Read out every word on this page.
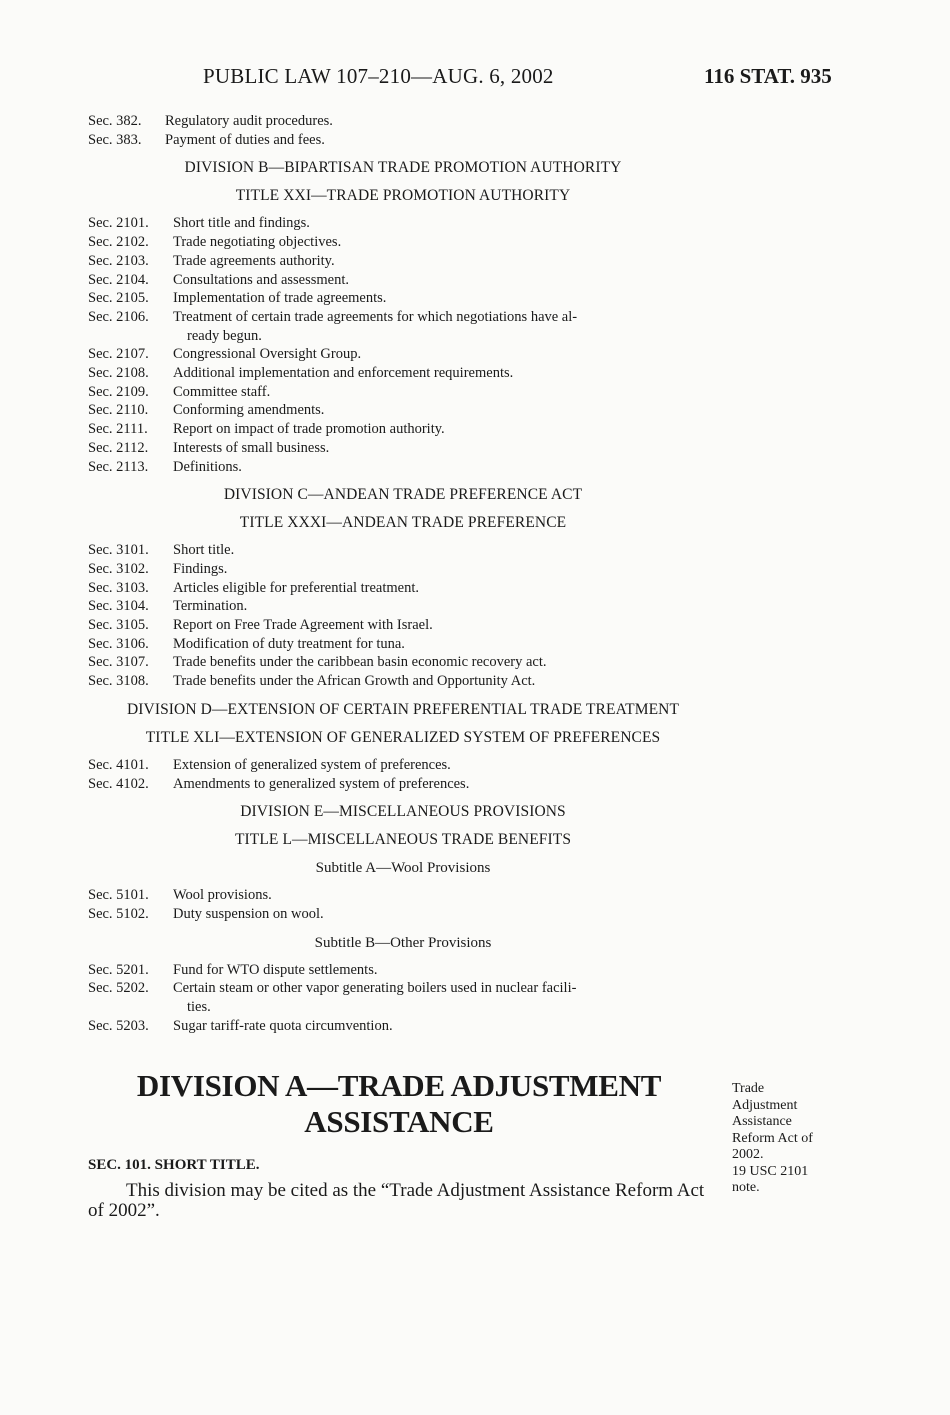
PUBLIC LAW 107–210—AUG. 6, 2002	116 STAT. 935
Sec. 382.	Regulatory audit procedures.
Sec. 383.	Payment of duties and fees.
DIVISION B—BIPARTISAN TRADE PROMOTION AUTHORITY
TITLE XXI—TRADE PROMOTION AUTHORITY
Sec. 2101.	Short title and findings.
Sec. 2102.	Trade negotiating objectives.
Sec. 2103.	Trade agreements authority.
Sec. 2104.	Consultations and assessment.
Sec. 2105.	Implementation of trade agreements.
Sec. 2106.	Treatment of certain trade agreements for which negotiations have al-
ready begun.
Sec. 2107.	Congressional Oversight Group.
Sec. 2108.	Additional implementation and enforcement requirements.
Sec. 2109.	Committee staff.
Sec. 2110.	Conforming amendments.
Sec. 2111.	Report on impact of trade promotion authority.
Sec. 2112.	Interests of small business.
Sec. 2113.	Definitions.
DIVISION C—ANDEAN TRADE PREFERENCE ACT
TITLE XXXI—ANDEAN TRADE PREFERENCE
Sec. 3101.	Short title.
Sec. 3102.	Findings.
Sec. 3103.	Articles eligible for preferential treatment.
Sec. 3104.	Termination.
Sec. 3105.	Report on Free Trade Agreement with Israel.
Sec. 3106.	Modification of duty treatment for tuna.
Sec. 3107.	Trade benefits under the caribbean basin economic recovery act.
Sec. 3108.	Trade benefits under the African Growth and Opportunity Act.
DIVISION D—EXTENSION OF CERTAIN PREFERENTIAL TRADE TREATMENT
TITLE XLI—EXTENSION OF GENERALIZED SYSTEM OF PREFERENCES
Sec. 4101.	Extension of generalized system of preferences.
Sec. 4102.	Amendments to generalized system of preferences.
DIVISION E—MISCELLANEOUS PROVISIONS
TITLE L—MISCELLANEOUS TRADE BENEFITS
Subtitle A—Wool Provisions
Sec. 5101.	Wool provisions.
Sec. 5102.	Duty suspension on wool.
Subtitle B—Other Provisions
Sec. 5201.	Fund for WTO dispute settlements.
Sec. 5202.	Certain steam or other vapor generating boilers used in nuclear facili-
ties.
Sec. 5203.	Sugar tariff-rate quota circumvention.
DIVISION A—TRADE ADJUSTMENT
ASSISTANCE
Trade
Adjustment
Assistance
Reform Act of
2002.
19 USC 2101
note.
SEC. 101. SHORT TITLE.
This division may be cited as the “Trade Adjustment Assistance Reform Act of 2002”.
